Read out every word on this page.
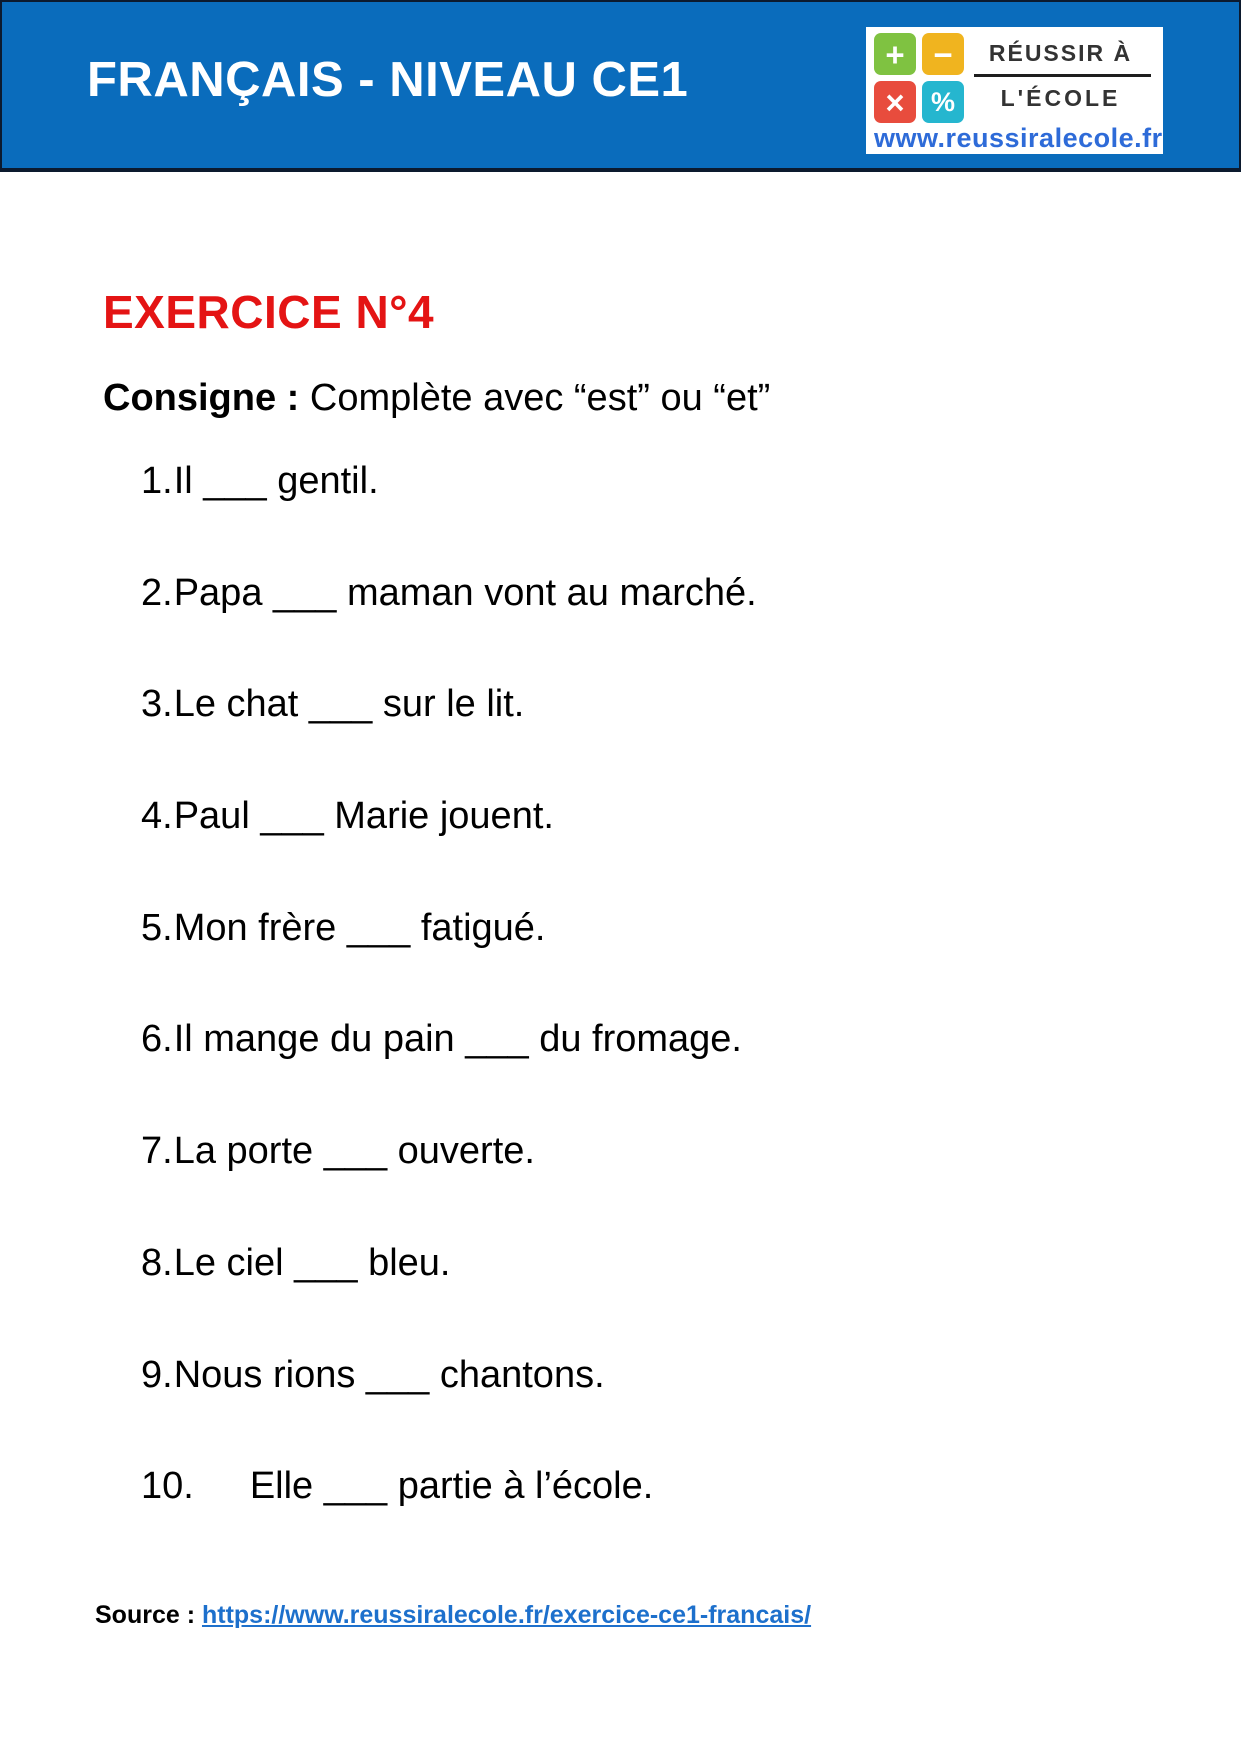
FRANÇAIS - NIVEAU CE1	+ −
× %
RÉUSSIR À
L'ÉCOLE
www.reussiralecole.fr
EXERCICE N°4

Consigne : Complète avec “est” ou “et”

1.Il ___ gentil.
2.Papa ___ maman vont au marché.
3.Le chat ___ sur le lit.
4.Paul ___ Marie jouent.
5.Mon frère ___ fatigué.
6.Il mange du pain ___ du fromage.
7.La porte ___ ouverte.
8.Le ciel ___ bleu.
9.Nous rions ___ chantons.
10. Elle ___ partie à l’école.
Source : https://www.reussiralecole.fr/exercice-ce1-francais/
